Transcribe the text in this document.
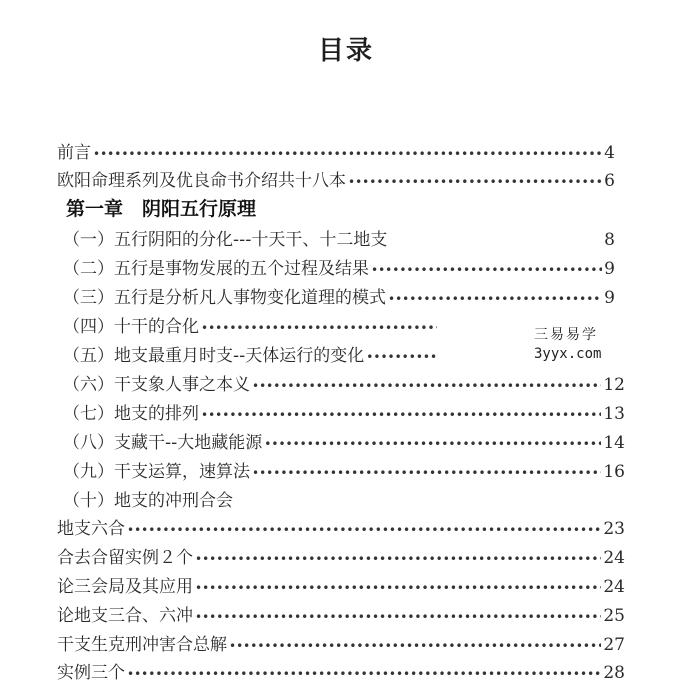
目录
前言 •••••	4
欧阳命理系列及优良命书介绍共十八本 •••••	6
第一章　阴阳五行原理
（一）五行阴阳的分化---十天干、十二地支	8
（二）五行是事物发展的五个过程及结果 •••••	9
（三）五行是分析凡人事物变化道理的模式 •••••	9
（四）十干的合化
•••••
（五）地支最重月时支--天体运行的变化
•••••
（六）干支象人事之本义 •••••	12
（七）地支的排列 •••••	13
（八）支藏干--大地藏能源 •••••	14
（九）干支运算，速算法 •••••	16
（十）地支的冲刑合会
地支六合 •••••	23
合去合留实例２个 •••••	24
论三会局及其应用 •••••	24
论地支三合、六冲 •••••	25
干支生克刑冲害合总解 •••••	27
实例三个 •••••	28
三易易学
3yyx.com
